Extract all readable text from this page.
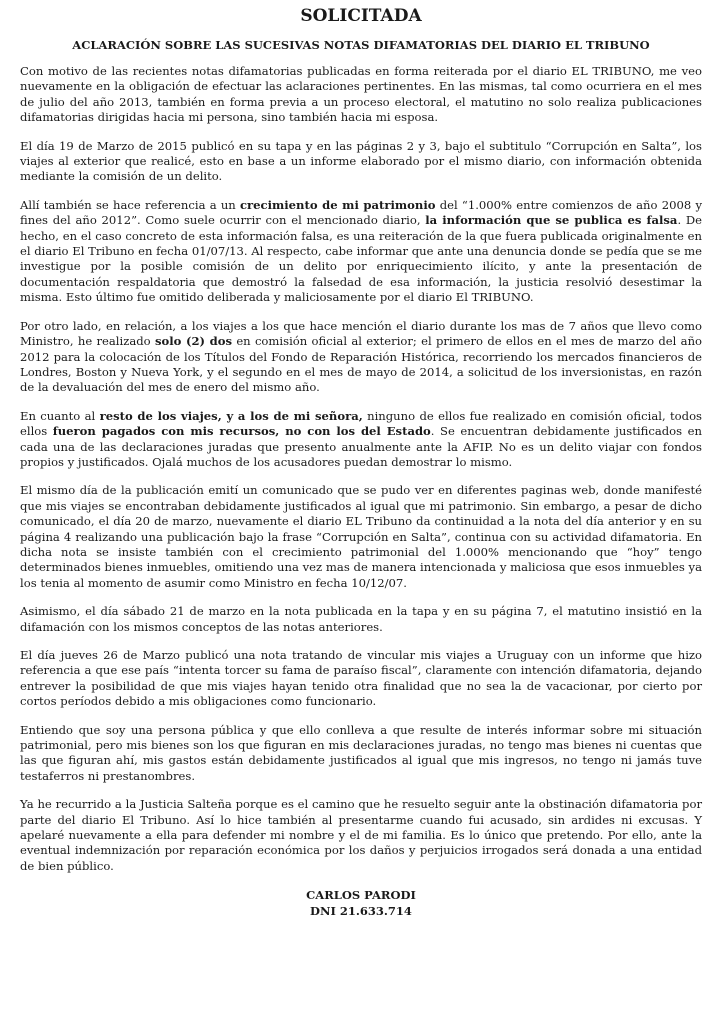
SOLICITADA
ACLARACIÓN SOBRE LAS SUCESIVAS NOTAS DIFAMATORIAS DEL DIARIO EL TRIBUNO

Con motivo de las recientes notas difamatorias publicadas en forma reiterada por el diario EL TRIBUNO, me veo nuevamente en la obligación de efectuar las aclaraciones pertinentes. En las mismas, tal como ocurriera en el mes de julio del año 2013, también en forma previa a un proceso electoral, el matutino no solo realiza publicaciones difamatorias dirigidas hacia mi persona, sino también hacia mi esposa.

El día 19 de Marzo de 2015 publicó en su tapa y en las páginas 2 y 3, bajo el subtitulo “Corrupción en Salta”, los viajes al exterior que realicé, esto en base a un informe elaborado por el mismo diario, con información obtenida mediante la comisión de un delito.

Allí también se hace referencia a un crecimiento de mi patrimonio del “1.000% entre comienzos de año 2008 y fines del año 2012”. Como suele ocurrir con el mencionado diario, la información que se publica es falsa. De hecho, en el caso concreto de esta información falsa, es una reiteración de la que fuera publicada originalmente en el diario El Tribuno en fecha 01/07/13. Al respecto, cabe informar que ante una denuncia donde se pedía que se me investigue por la posible comisión de un delito por enriquecimiento ilícito, y ante la presentación de documentación respaldatoria que demostró la falsedad de esa información, la justicia resolvió desestimar la misma. Esto último fue omitido deliberada y maliciosamente por el diario El TRIBUNO.

Por otro lado, en relación, a los viajes a los que hace mención el diario durante los mas de 7 años que llevo como Ministro, he realizado solo (2) dos en comisión oficial al exterior; el primero de ellos en el mes de marzo del año 2012 para la colocación de los Títulos del Fondo de Reparación Histórica, recorriendo los mercados financieros de Londres, Boston y Nueva York, y el segundo en el mes de mayo de 2014, a solicitud de los inversionistas, en razón de la devaluación del mes de enero del mismo año.

En cuanto al resto de los viajes, y a los de mi señora, ninguno de ellos fue realizado en comisión oficial, todos ellos fueron pagados con mis recursos, no con los del Estado. Se encuentran debidamente justificados en cada una de las declaraciones juradas que presento anualmente ante la AFIP. No es un delito viajar con fondos propios y justificados. Ojalá muchos de los acusadores puedan demostrar lo mismo.

El mismo día de la publicación emití un comunicado que se pudo ver en diferentes paginas web, donde manifesté que mis viajes se encontraban debidamente justificados al igual que mi patrimonio. Sin embargo, a pesar de dicho comunicado, el día 20 de marzo, nuevamente el diario EL Tribuno da continuidad a la nota del día anterior y en su página 4 realizando una publicación bajo la frase “Corrupción en Salta”, continua con su actividad difamatoria. En dicha nota se insiste también con el crecimiento patrimonial del 1.000% mencionando que “hoy” tengo determinados bienes inmuebles, omitiendo una vez mas de manera intencionada y maliciosa que esos inmuebles ya los tenia al momento de asumir como Ministro en fecha 10/12/07.

Asimismo, el día sábado 21 de marzo en la nota publicada en la tapa y en su página 7, el matutino insistió en la difamación con los mismos conceptos de las notas anteriores.

El día jueves 26 de Marzo publicó una nota tratando de vincular mis viajes a Uruguay con un informe que hizo referencia a que ese país “intenta torcer su fama de paraíso fiscal”, claramente con intención difamatoria, dejando entrever la posibilidad de que mis viajes hayan tenido otra finalidad que no sea la de vacacionar, por cierto por cortos períodos debido a mis obligaciones como funcionario.

Entiendo que soy una persona pública y que ello conlleva a que resulte de interés informar sobre mi situación patrimonial, pero mis bienes son los que figuran en mis declaraciones juradas, no tengo mas bienes ni cuentas que las que figuran ahí, mis gastos están debidamente justificados al igual que mis ingresos, no tengo ni jamás tuve testaferros ni prestanombres.

Ya he recurrido a la Justicia Salteña porque es el camino que he resuelto seguir ante la obstinación difamatoria por parte del diario El Tribuno. Así lo hice también al presentarme cuando fui acusado, sin ardides ni excusas. Y apelaré nuevamente a ella para defender mi nombre y el de mi familia. Es lo único que pretendo. Por ello, ante la eventual indemnización por reparación económica por los daños y perjuicios irrogados será donada a una entidad de bien público.

CARLOS PARODI
DNI 21.633.714
